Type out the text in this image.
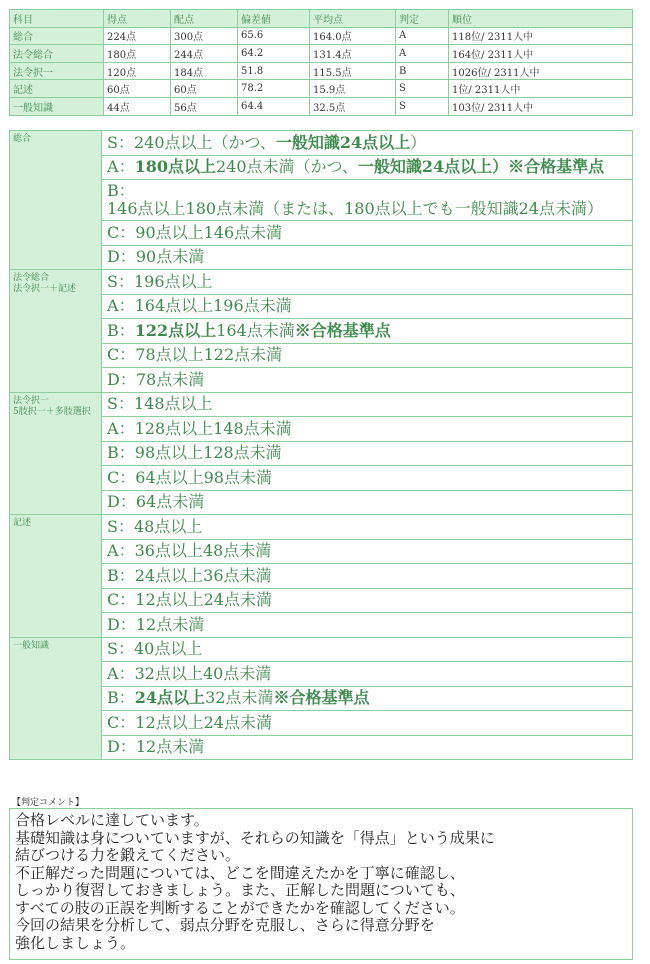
科目	得点	配点	偏差値	平均点	判定	順位
総合	224点	300点	65.6	164.0点	A	118位/ 2311人中
法令総合	180点	244点	64.2	131.4点	A	164位/ 2311人中
法令択一	120点	184点	51.8	115.5点	B	1026位/ 2311人中
記述	60点	60点	78.2	15.9点	S	1位/ 2311人中
一般知識	44点	56点	64.4	32.5点	S	103位/ 2311人中
総合	S：240点以上（かつ、一般知識24点以上）
	A：180点以上240点未満（かつ、一般知識24点以上）※合格基準点
	B：146点以上180点未満（または、180点以上でも一般知識24点未満）
	C：90点以上146点未満
	D：90点未満

法令総合
法令択一＋記述	S：196点以上
	A：164点以上196点未満
	B：122点以上164点未満※合格基準点
	C：78点以上122点未満
	D：78点未満

法令択一
5肢択一＋多肢選択	S：148点以上
	A：128点以上148点未満
	B：98点以上128点未満
	C：64点以上98点未満
	D：64点未満

記述	S：48点以上
	A：36点以上48点未満
	B：24点以上36点未満
	C：12点以上24点未満
	D：12点未満

一般知識	S：40点以上
	A：32点以上40点未満
	B：24点以上32点未満※合格基準点
	C：12点以上24点未満
	D：12点未満
【判定コメント】
合格レベルに達しています。
基礎知識は身についていますが、それらの知識を「得点」という成果に
結びつける力を鍛えてください。
不正解だった問題については、どこを間違えたかを丁寧に確認し、
しっかり復習しておきましょう。また、正解した問題についても、
すべての肢の正誤を判断することができたかを確認してください。
今回の結果を分析して、弱点分野を克服し、さらに得意分野を
強化しましょう。
